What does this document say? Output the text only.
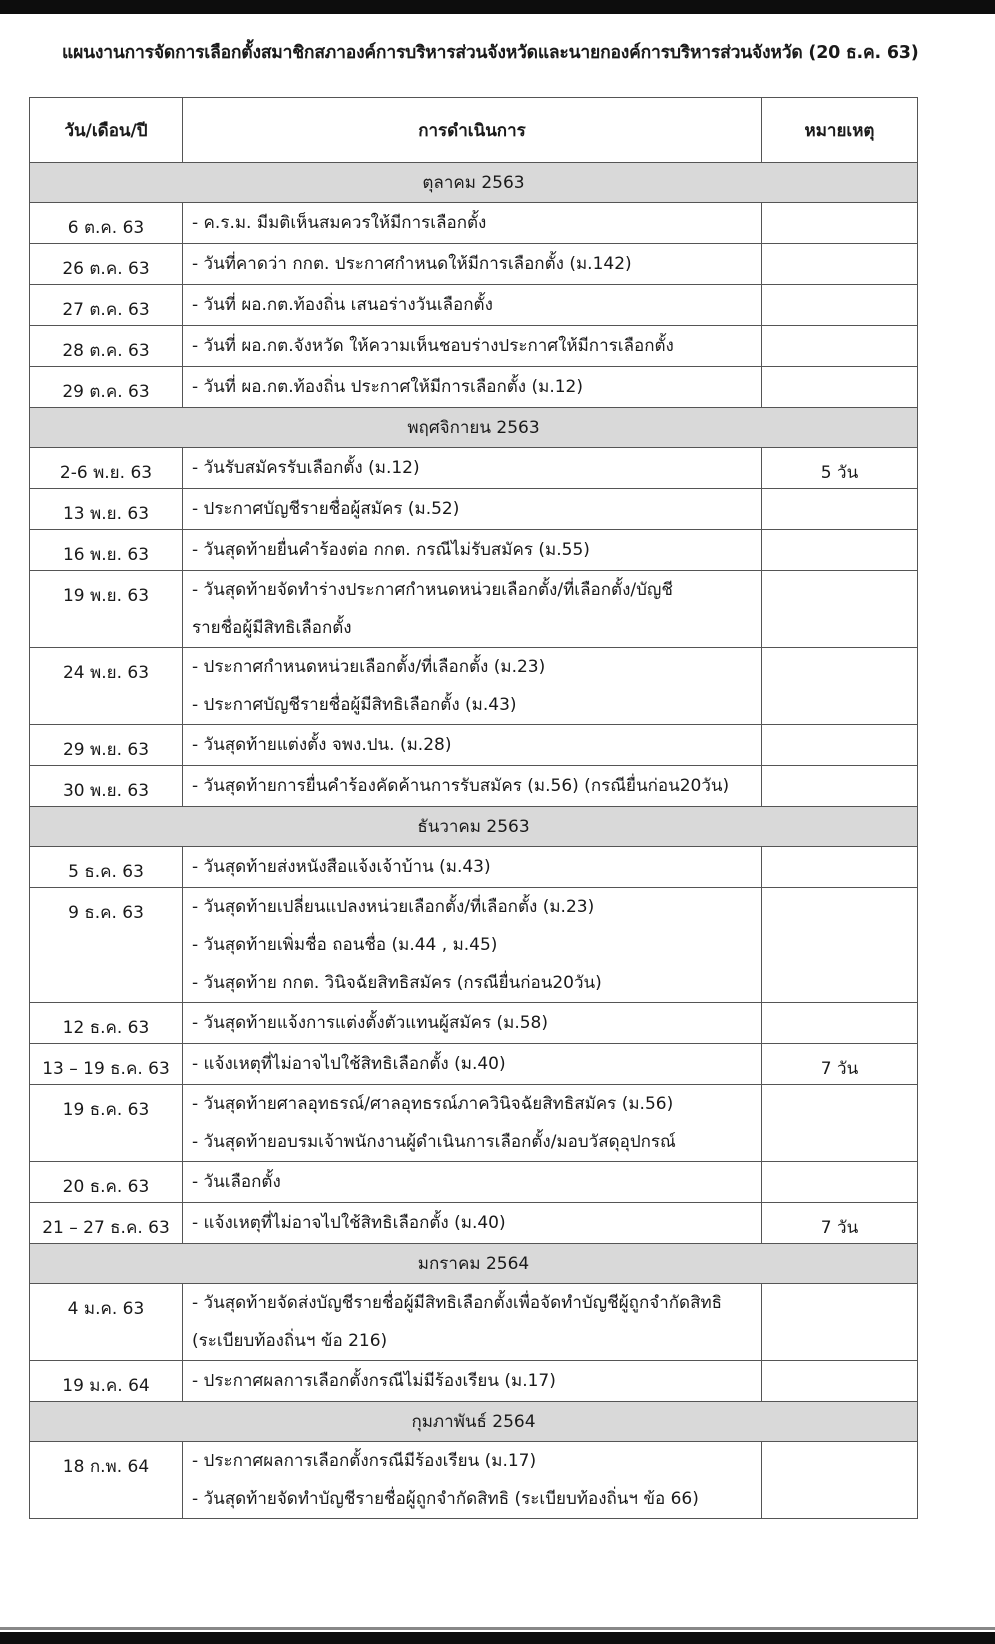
แผนงานการจัดการเลือกตั้งสมาชิกสภาองค์การบริหารส่วนจังหวัดและนายกองค์การบริหารส่วนจังหวัด (20 ธ.ค. 63)
วัน/เดือน/ปี	การดำเนินการ	หมายเหตุ
ตุลาคม 2563		
6 ต.ค. 63	- ค.ร.ม. มีมติเห็นสมควรให้มีการเลือกตั้ง	

26 ต.ค. 63	- วันที่คาดว่า กกต. ประกาศกำหนดให้มีการเลือกตั้ง (ม.142)	

27 ต.ค. 63	- วันที่ ผอ.กต.ท้องถิ่น เสนอร่างวันเลือกตั้ง	

28 ต.ค. 63	- วันที่ ผอ.กต.จังหวัด ให้ความเห็นชอบร่างประกาศให้มีการเลือกตั้ง	

29 ต.ค. 63	- วันที่ ผอ.กต.ท้องถิ่น ประกาศให้มีการเลือกตั้ง (ม.12)	

พฤศจิกายน 2563		
2-6 พ.ย. 63	- วันรับสมัครรับเลือกตั้ง (ม.12)	5 วัน
13 พ.ย. 63	- ประกาศบัญชีรายชื่อผู้สมัคร (ม.52)	

16 พ.ย. 63	- วันสุดท้ายยื่นคำร้องต่อ กกต. กรณีไม่รับสมัคร (ม.55)	

19 พ.ย. 63	- วันสุดท้ายจัดทำร่างประกาศกำหนดหน่วยเลือกตั้ง/ที่เลือกตั้ง/บัญชี
รายชื่อผู้มีสิทธิเลือกตั้ง	

24 พ.ย. 63	- ประกาศกำหนดหน่วยเลือกตั้ง/ที่เลือกตั้ง (ม.23)
- ประกาศบัญชีรายชื่อผู้มีสิทธิเลือกตั้ง (ม.43)	

29 พ.ย. 63	- วันสุดท้ายแต่งตั้ง จพง.ปน. (ม.28)	

30 พ.ย. 63	- วันสุดท้ายการยื่นคำร้องคัดค้านการรับสมัคร (ม.56) (กรณียื่นก่อน20วัน)	

ธันวาคม 2563		
5 ธ.ค. 63	- วันสุดท้ายส่งหนังสือแจ้งเจ้าบ้าน (ม.43)	

9 ธ.ค. 63	- วันสุดท้ายเปลี่ยนแปลงหน่วยเลือกตั้ง/ที่เลือกตั้ง (ม.23)
- วันสุดท้ายเพิ่มชื่อ ถอนชื่อ (ม.44 , ม.45)
- วันสุดท้าย กกต. วินิจฉัยสิทธิสมัคร (กรณียื่นก่อน20วัน)	

12 ธ.ค. 63	- วันสุดท้ายแจ้งการแต่งตั้งตัวแทนผู้สมัคร (ม.58)	

13 – 19 ธ.ค. 63	- แจ้งเหตุที่ไม่อาจไปใช้สิทธิเลือกตั้ง (ม.40)	7 วัน
19 ธ.ค. 63	- วันสุดท้ายศาลอุทธรณ์/ศาลอุทธรณ์ภาควินิจฉัยสิทธิสมัคร (ม.56)
- วันสุดท้ายอบรมเจ้าพนักงานผู้ดำเนินการเลือกตั้ง/มอบวัสดุอุปกรณ์	

20 ธ.ค. 63	- วันเลือกตั้ง	

21 – 27 ธ.ค. 63	- แจ้งเหตุที่ไม่อาจไปใช้สิทธิเลือกตั้ง (ม.40)	7 วัน
มกราคม 2564		
4 ม.ค. 63	- วันสุดท้ายจัดส่งบัญชีรายชื่อผู้มีสิทธิเลือกตั้งเพื่อจัดทำบัญชีผู้ถูกจำกัดสิทธิ
(ระเบียบท้องถิ่นฯ ข้อ 216)	

19 ม.ค. 64	- ประกาศผลการเลือกตั้งกรณีไม่มีร้องเรียน (ม.17)	

กุมภาพันธ์ 2564		
18 ก.พ. 64	- ประกาศผลการเลือกตั้งกรณีมีร้องเรียน (ม.17)
- วันสุดท้ายจัดทำบัญชีรายชื่อผู้ถูกจำกัดสิทธิ (ระเบียบท้องถิ่นฯ ข้อ 66)	
